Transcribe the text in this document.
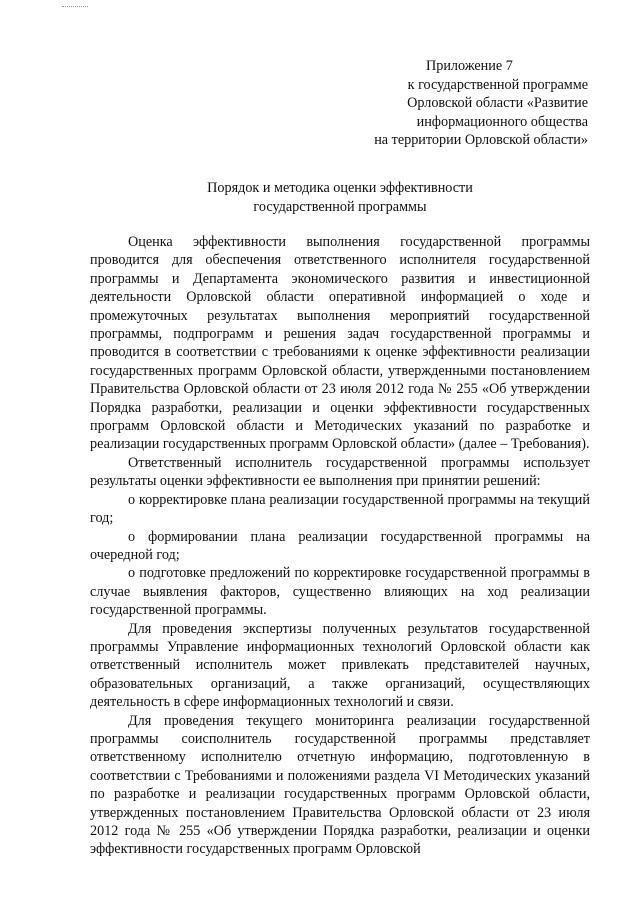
Приложение 7
к государственной программе
Орловской области «Развитие
информационного общества
на территории Орловской области»
Порядок и методика оценки эффективности
государственной программы

Оценка эффективности выполнения государственной программы проводится для обеспечения ответственного исполнителя государственной программы и Департамента экономического развития и инвестиционной деятельности Орловской области оперативной информацией о ходе и промежуточных результатах выполнения мероприятий государственной программы, подпрограмм и решения задач государственной программы и проводится в соответствии с требованиями к оценке эффективности реализации государственных программ Орловской области, утвержденными постановлением Правительства Орловской области от 23 июля 2012 года № 255 «Об утверждении Порядка разработки, реализации и оценки эффективности государственных программ Орловской области и Методических указаний по разработке и реализации государственных программ Орловской области» (далее – Требования).

Ответственный исполнитель государственной программы использует результаты оценки эффективности ее выполнения при принятии решений:

о корректировке плана реализации государственной программы на текущий год;

о формировании плана реализации государственной программы на очередной год;

о подготовке предложений по корректировке государственной программы в случае выявления факторов, существенно влияющих на ход реализации государственной программы.

Для проведения экспертизы полученных результатов государственной программы Управление информационных технологий Орловской области как ответственный исполнитель может привлекать представителей научных, образовательных организаций, а также организаций, осуществляющих деятельность в сфере информационных технологий и связи.

Для проведения текущего мониторинга реализации государственной программы соисполнитель государственной программы представляет ответственному исполнителю отчетную информацию, подготовленную в соответствии с Требованиями и положениями раздела VI Методических указаний по разработке и реализации государственных программ Орловской области, утвержденных постановлением Правительства Орловской области от 23 июля 2012 года № 255 «Об утверждении Порядка разработки, реализации и оценки эффективности государственных программ Орловской
